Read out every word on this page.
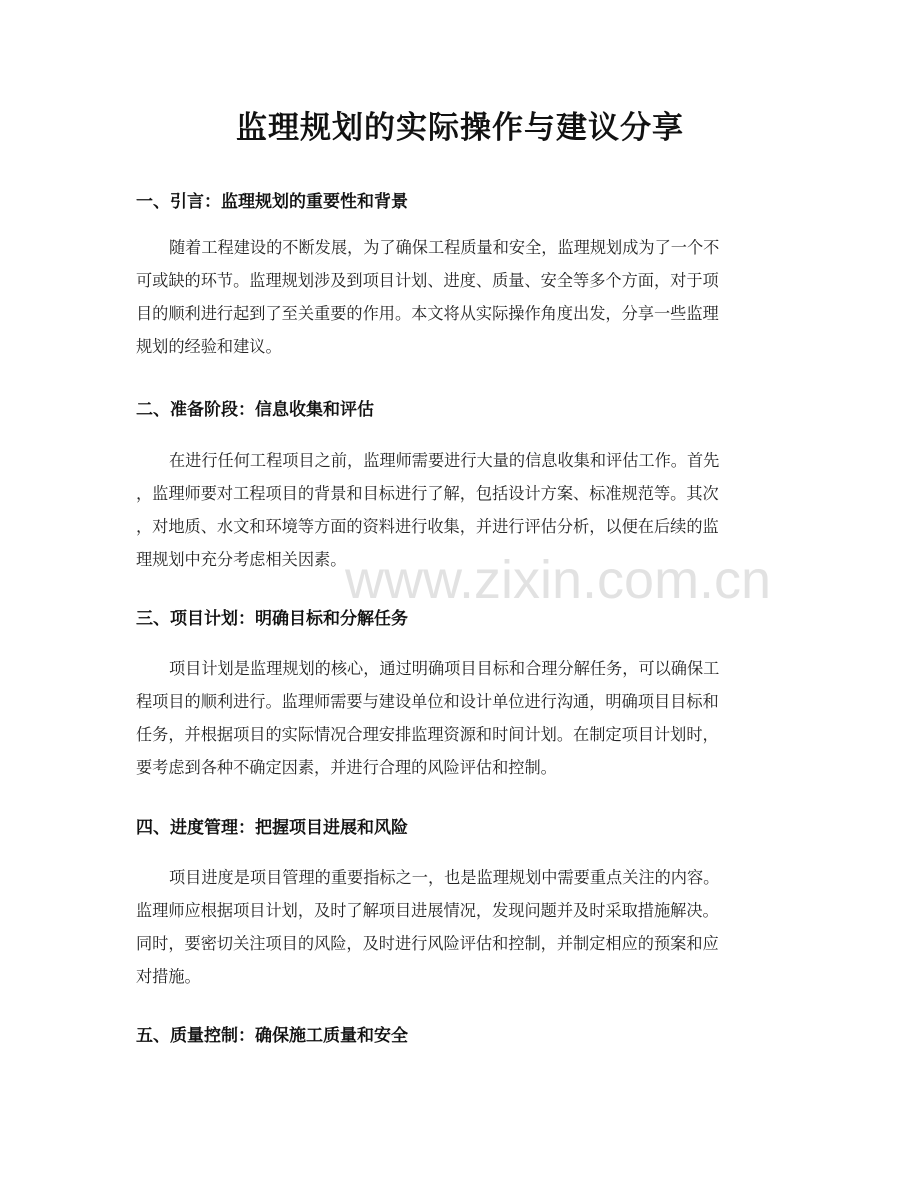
监理规划的实际操作与建议分享
一、引言：监理规划的重要性和背景
随着工程建设的不断发展，为了确保工程质量和安全，监理规划成为了一个不
可或缺的环节。监理规划涉及到项目计划、进度、质量、安全等多个方面，对于项
目的顺利进行起到了至关重要的作用。本文将从实际操作角度出发，分享一些监理
规划的经验和建议。
二、准备阶段：信息收集和评估
在进行任何工程项目之前，监理师需要进行大量的信息收集和评估工作。首先
，监理师要对工程项目的背景和目标进行了解，包括设计方案、标准规范等。其次
，对地质、水文和环境等方面的资料进行收集，并进行评估分析，以便在后续的监
理规划中充分考虑相关因素。
三、项目计划：明确目标和分解任务
项目计划是监理规划的核心，通过明确项目目标和合理分解任务，可以确保工
程项目的顺利进行。监理师需要与建设单位和设计单位进行沟通，明确项目目标和
任务，并根据项目的实际情况合理安排监理资源和时间计划。在制定项目计划时，
要考虑到各种不确定因素，并进行合理的风险评估和控制。
四、进度管理：把握项目进展和风险
项目进度是项目管理的重要指标之一，也是监理规划中需要重点关注的内容。
监理师应根据项目计划，及时了解项目进展情况，发现问题并及时采取措施解决。
同时，要密切关注项目的风险，及时进行风险评估和控制，并制定相应的预案和应
对措施。
五、质量控制：确保施工质量和安全
www.zixin.com.cn
